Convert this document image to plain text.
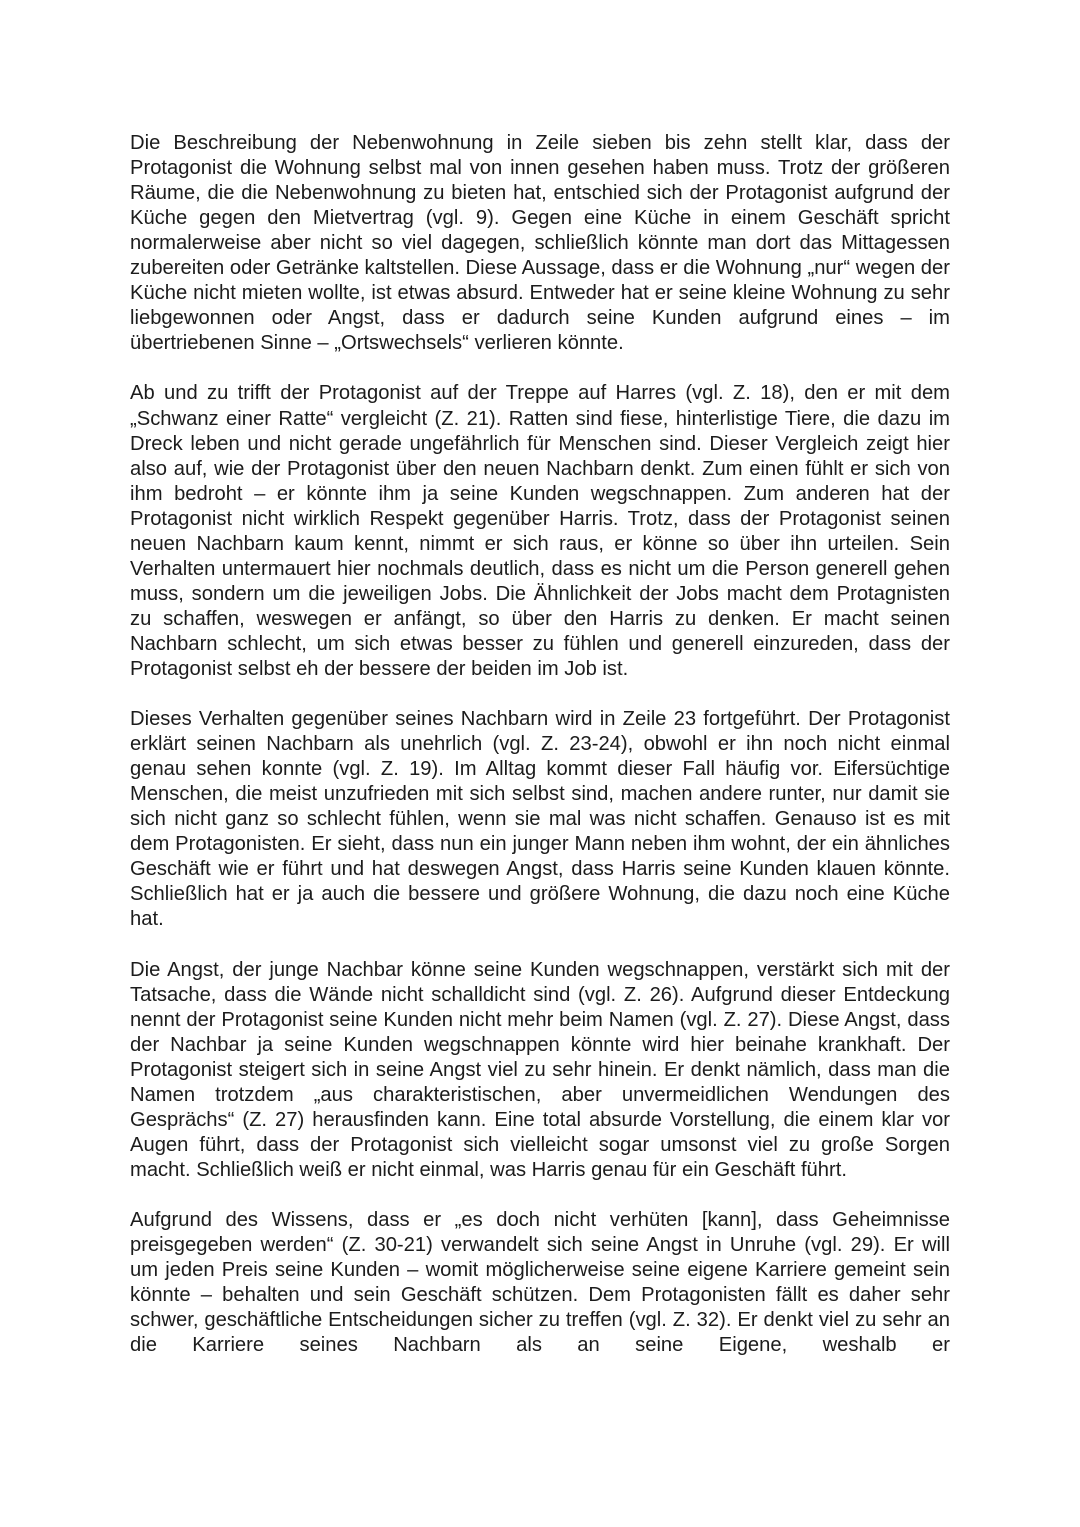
Die Beschreibung der Nebenwohnung in Zeile sieben bis zehn stellt klar, dass der Protagonist die Wohnung selbst mal von innen gesehen haben muss. Trotz der größeren Räume, die die Nebenwohnung zu bieten hat, entschied sich der Protagonist aufgrund der Küche gegen den Mietvertrag (vgl. 9). Gegen eine Küche in einem Geschäft spricht normalerweise aber nicht so viel dagegen, schließlich könnte man dort das Mittagessen zubereiten oder Getränke kaltstellen. Diese Aussage, dass er die Wohnung „nur“ wegen der Küche nicht mieten wollte, ist etwas absurd. Entweder hat er seine kleine Wohnung zu sehr liebgewonnen oder Angst, dass er dadurch seine Kunden aufgrund eines – im übertriebenen Sinne – „Ortswechsels“ verlieren könnte.

Ab und zu trifft der Protagonist auf der Treppe auf Harres (vgl. Z. 18), den er mit dem „Schwanz einer Ratte“ vergleicht (Z. 21). Ratten sind fiese, hinterlistige Tiere, die dazu im Dreck leben und nicht gerade ungefährlich für Menschen sind. Dieser Vergleich zeigt hier also auf, wie der Protagonist über den neuen Nachbarn denkt. Zum einen fühlt er sich von ihm bedroht – er könnte ihm ja seine Kunden wegschnappen. Zum anderen hat der Protagonist nicht wirklich Respekt gegenüber Harris. Trotz, dass der Protagonist seinen neuen Nachbarn kaum kennt, nimmt er sich raus, er könne so über ihn urteilen. Sein Verhalten untermauert hier nochmals deutlich, dass es nicht um die Person generell gehen muss, sondern um die jeweiligen Jobs. Die Ähnlichkeit der Jobs macht dem Protagnisten zu schaffen, weswegen er anfängt, so über den Harris zu denken. Er macht seinen Nachbarn schlecht, um sich etwas besser zu fühlen und generell einzureden, dass der Protagonist selbst eh der bessere der beiden im Job ist.

Dieses Verhalten gegenüber seines Nachbarn wird in Zeile 23 fortgeführt. Der Protagonist erklärt seinen Nachbarn als unehrlich (vgl. Z. 23-24), obwohl er ihn noch nicht einmal genau sehen konnte (vgl. Z. 19). Im Alltag kommt dieser Fall häufig vor. Eifersüchtige Menschen, die meist unzufrieden mit sich selbst sind, machen andere runter, nur damit sie sich nicht ganz so schlecht fühlen, wenn sie mal was nicht schaffen. Genauso ist es mit dem Protagonisten. Er sieht, dass nun ein junger Mann neben ihm wohnt, der ein ähnliches Geschäft wie er führt und hat deswegen Angst, dass Harris seine Kunden klauen könnte. Schließlich hat er ja auch die bessere und größere Wohnung, die dazu noch eine Küche hat.

Die Angst, der junge Nachbar könne seine Kunden wegschnappen, verstärkt sich mit der Tatsache, dass die Wände nicht schalldicht sind (vgl. Z. 26). Aufgrund dieser Entdeckung nennt der Protagonist seine Kunden nicht mehr beim Namen (vgl. Z. 27). Diese Angst, dass der Nachbar ja seine Kunden wegschnappen könnte wird hier beinahe krankhaft. Der Protagonist steigert sich in seine Angst viel zu sehr hinein. Er denkt nämlich, dass man die Namen trotzdem „aus charakteristischen, aber unvermeidlichen Wendungen des Gesprächs“ (Z. 27) herausfinden kann. Eine total absurde Vorstellung, die einem klar vor Augen führt, dass der Protagonist sich vielleicht sogar umsonst viel zu große Sorgen macht. Schließlich weiß er nicht einmal, was Harris genau für ein Geschäft führt.

Aufgrund des Wissens, dass er „es doch nicht verhüten [kann], dass Geheimnisse preisgegeben werden“ (Z. 30-21) verwandelt sich seine Angst in Unruhe (vgl. 29). Er will um jeden Preis seine Kunden – womit möglicherweise seine eigene Karriere gemeint sein könnte – behalten und sein Geschäft schützen. Dem Protagonisten fällt es daher sehr schwer, geschäftliche Entscheidungen sicher zu treffen (vgl. Z. 32). Er denkt viel zu sehr an die Karriere seines Nachbarn als an seine Eigene, weshalb er
